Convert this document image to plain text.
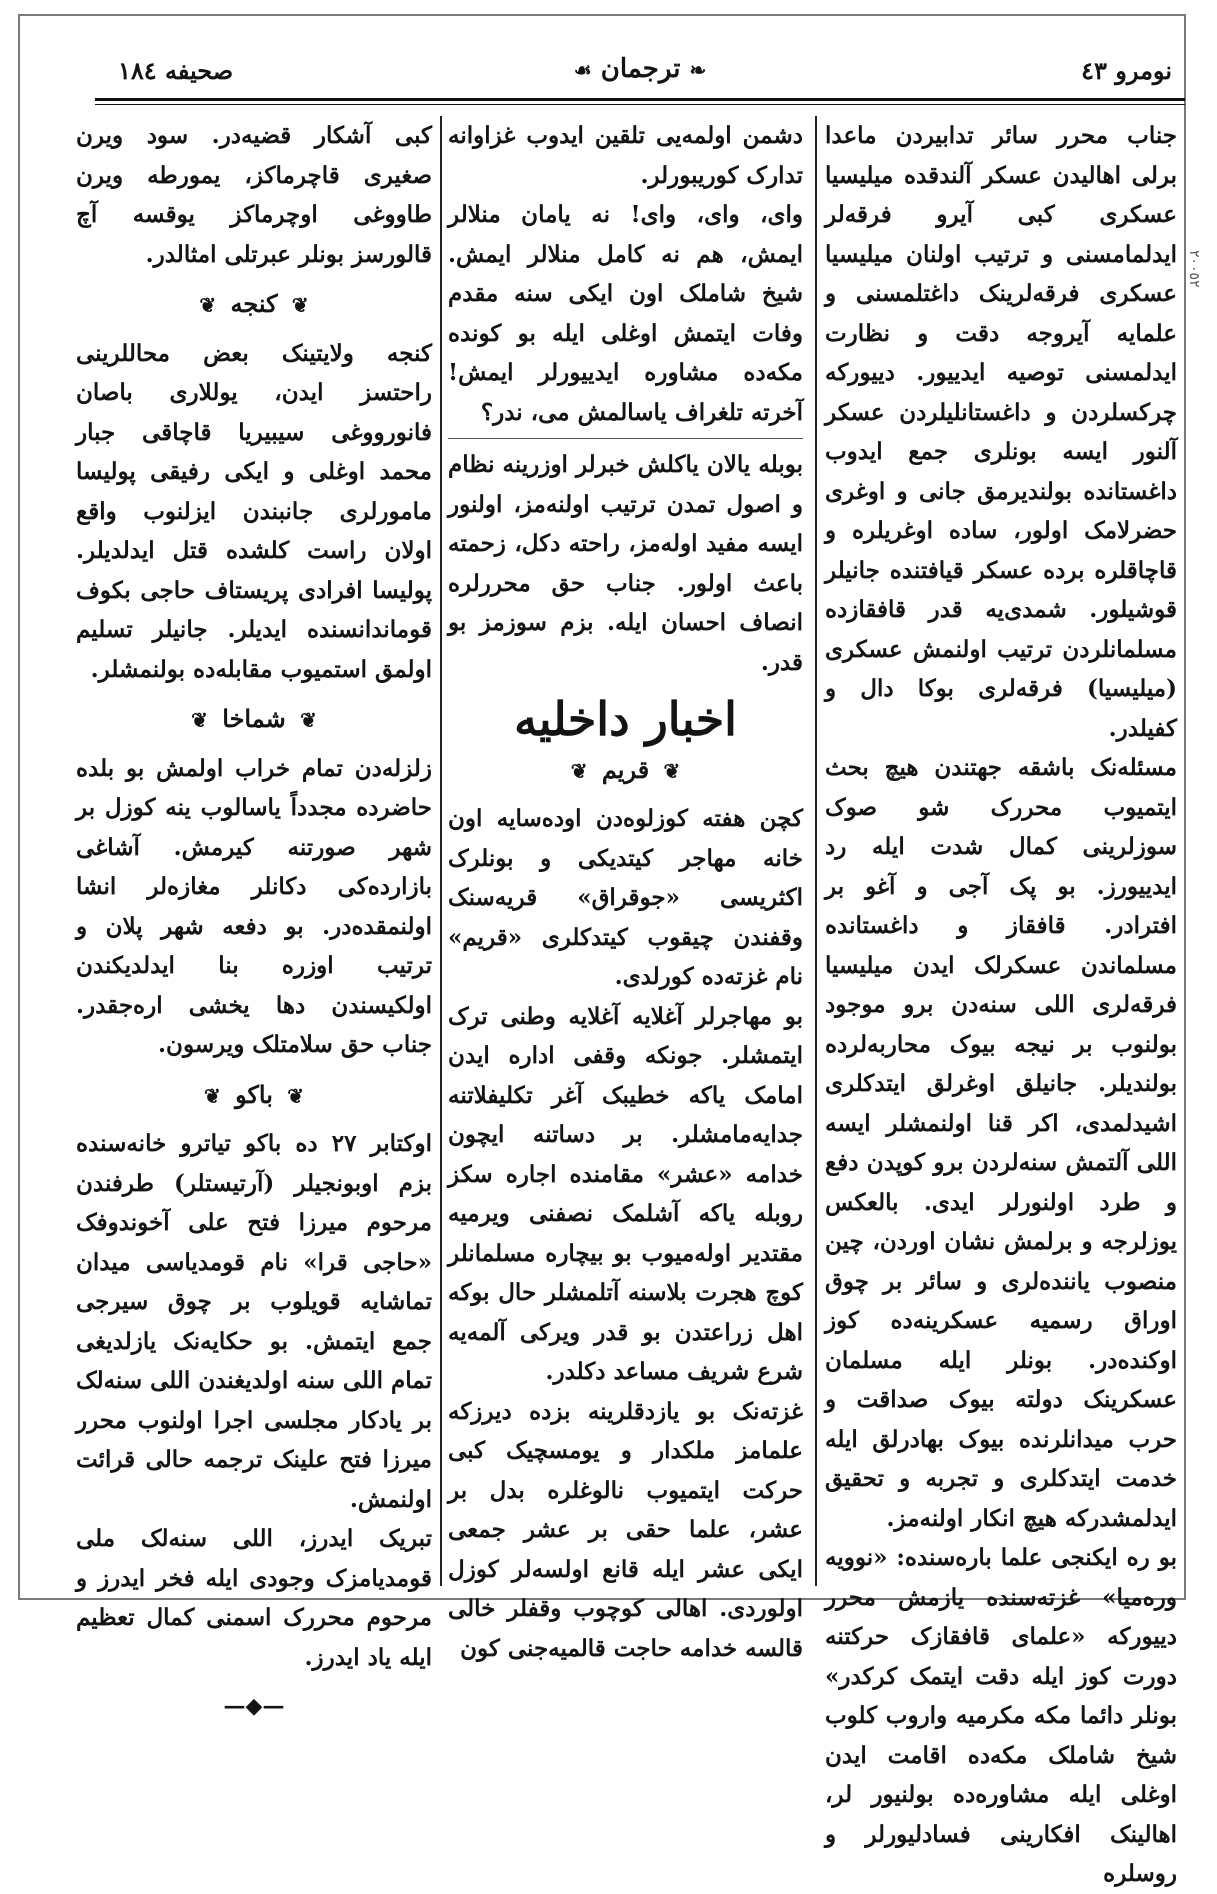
صحيفه ١٨٤	❧ ترجمان ☙	نومرو ٤٣

جناب محرر سائر تدابیردن ماعدا برلی اهالیدن عسکر آلندقده میلیسیا عسکری کبی آیرو فرقه‌لر ایدلمامسنی و ترتیب اولنان میلیسیا عسکری فرقه‌لرینک داغتلمسنی و علمایه آیروجه دقت و نظارت ایدلمسنی توصیه ایدییور. دییورکه چرکسلردن و داغستانلیلردن عسکر آلنور ایسه بونلری جمع ایدوب داغستانده بولندیرمق جانی و اوغری حضرلامک اولور، ساده اوغریلره و قاچاقلره برده عسکر قیافتنده جانیلر قوشیلور. شمدی‌یه قدر قافقازده مسلمانلردن ترتیب اولنمش عسکری (میلیسیا) فرقه‌لری بوکا دال و کفیلدر.

مسئله‌نک باشقه جهتندن هیچ بحث ایتمیوب محررک شو صوک سوزلرینی کمال شدت ایله رد ایدییورز. بو پک آجی و آغو بر افترادر. قافقاز و داغستانده مسلماندن عسکرلک ایدن میلیسیا فرقه‌لری اللی سنه‌دن برو موجود بولنوب بر نیجه بیوک محاربه‌لرده بولندیلر. جانیلق اوغرلق ایتدکلری اشیدلمدی، اکر قنا اولنمشلر ایسه اللی آلتمش سنه‌لردن برو کوپدن دفع و طرد اولنورلر ایدی. بالعکس یوزلرجه و برلمش نشان اوردن، چین منصوب یاننده‌لری و سائر بر چوق اوراق رسمیه عسکرینه‌ده کوز اوکنده‌در. بونلر ایله مسلمان عسکرینک دولته بیوک صداقت و حرب میدانلرنده بیوک بهادرلق ایله خدمت ایتدکلری و تجربه و تحقیق ایدلمشدرکه هیچ انکار اولنه‌مز.

بو ره ایکنجی علما باره‌سنده: «نوویه وره‌میا» غزته‌سنده یازمش محرر دییورکه «علمای قافقازک حرکتنه دورت کوز ایله دقت ایتمک کرکدر» بونلر دائما مکه مکرمیه واروب کلوب شیخ شاملک مکه‌ده اقامت ایدن اوغلی ایله مشاوره‌ده بولنیور لر، اهالینک افکارینی فسادلیورلر و روسلره

دشمن اولمه‌یی تلقین ایدوب غزاوانه تدارک کوریبورلر.

وای، وای، وای! نه یامان منلالر ایمش، هم نه کامل منلالر ایمش. شیخ شاملک اون ایکی سنه مقدم وفات ایتمش اوغلی ایله بو کونده مکه‌ده مشاوره ایدییورلر ایمش! آخرته تلغراف یاسالمش می، ندر؟

بوبله یالان یاکلش خبرلر اوزرینه نظام و اصول تمدن ترتیب اولنه‌مز، اولنور ایسه مفید اوله‌مز، راحته دکل، زحمته باعث اولور. جناب حق محررلره انصاف احسان ایله. بزم سوزمز بو قدر.

اخبار داخلیه
❦ قریم ❦

کچن هفته کوزلوه‌دن اوده‌سایه اون خانه مهاجر کیتدیکی و بونلرک اکثریسی «جوقراق» قریه‌سنک وقفندن چیقوب کیتدکلری «قریم» نام غزته‌ده کورلدی.

بو مهاجرلر آغلایه آغلایه وطنی ترک ایتمشلر. جونکه وقفی اداره ایدن امامک یاکه خطیبک آغر تکلیفلاتنه جدایه‌مامشلر. بر دساتنه ایچون خدامه «عشر» مقامنده اجاره سکز روبله یاکه آشلمک نصفنی ویرمیه مقتدیر اوله‌میوب بو بیچاره مسلمانلر کوچ هجرت بلاسنه آتلمشلر حال بوکه اهل زراعتدن بو قدر ویرکی آلمه‌یه شرع شریف مساعد دکلدر.

غزته‌نک بو یازدقلرینه بزده دیرزکه علمامز ملکدار و یومسچیک کبی حرکت ایتمیوب نالوغلره بدل بر عشر، علما حقی بر عشر جمعی ایکی عشر ایله قانع اولسه‌لر کوزل اولوردی. اهالی کوچوب وقفلر خالی قالسه خدامه حاجت قالمیه‌جنی کون

کبی آشکار قضیه‌در. سود ویرن صغیری قاچرماکز، یمورطه ویرن طاووغی اوچرماکز یوقسه آچ قالورسز بونلر عبرتلی امثالدر.

❦ کنجه ❦

کنجه ولایتینک بعض محاللرینی راحتسز ایدن، یوللاری باصان فانورووغی سیبیریا قاچاقی جبار محمد اوغلی و ایکی رفیقی پولیسا مامورلری جانبندن ایزلنوب واقع اولان راست کلشده قتل ایدلدیلر. پولیسا افرادی پریستاف حاجی بکوف قوماندانسنده ایدیلر. جانیلر تسلیم اولمق استمیوب مقابله‌ده بولنمشلر.

❦ شماخا ❦

زلزله‌دن تمام خراب اولمش بو بلده حاضرده مجدداً یاسالوب ینه کوزل بر شهر صورتنه کیرمش. آشاغی بازارده‌کی دکانلر مغازه‌لر انشا اولنمقده‌در. بو دفعه شهر پلان و ترتیب اوزره بنا ایدلدیکندن اولکیسندن دها یخشی اره‌جقدر. جناب حق سلامتلک ویرسون.

❦ باکو ❦

اوکتابر ٢٧ ده باکو تیاترو خانه‌سنده بزم اوبونجیلر (آرتیستلر) طرفندن مرحوم میرزا فتح علی آخوندوفک «حاجی قرا» نام قومدیاسی میدان تماشایه قویلوب بر چوق سیرجی جمع ایتمش. بو حکایه‌نک یازلدیغی تمام اللی سنه اولدیغندن اللی سنه‌لک بر یادکار مجلسی اجرا اولنوب محرر میرزا فتح علینک ترجمه حالی قرائت اولنمش.

تبریک ایدرز، اللی سنه‌لک ملی قومدیامزک وجودی ایله فخر ایدرز و مرحوم محررک اسمنی کمال تعظیم ایله یاد ایدرز.

—◆—
٢٠٠٥٢
